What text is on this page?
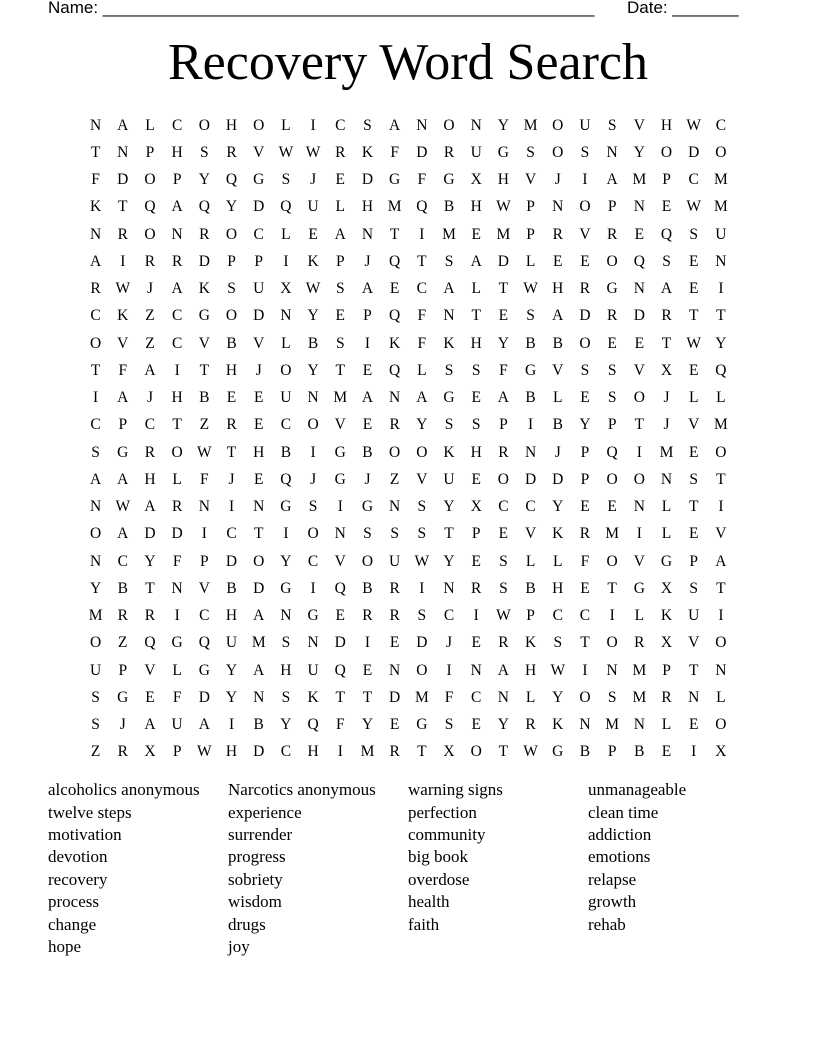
Name: ____________________________________________________ Date: _______
Recovery Word Search
N	A	L	C	O	H	O	L	I	C	S	A	N	O	N	Y M O	U	S	V	H W C
T	N	P	H	S	R	V W W R	K	F	D	R	U	G	S	O	S	N	Y	O	D	O
F	D	O	P	Y	Q	G	S	J	E	D	G	F	G	X	H	V	J	I	A M	P	C M
K	T	Q	A	Q	Y	D	Q	U	L	H M Q	B	H W	P	N	O	P	N	E W M
N	R	O	N	R	O	C	L	E	A	N	T	I	M	E	M	P	R	V	R	E	Q	S	U
A	I	R	R	D	P	P	I	K	P	J	Q	T	S	A	D	L	E	E	O	Q	S	E	N
R W	J	A	K	S	U	X W	S	A	E	C	A	L	T W H	R	G	N	A	E	I
C	K	Z	C	G	O	D	N	Y	E	P	Q	F	N	T	E	S	A	D	R	D	R	T	T
O	V	Z	C	V	B	V	L	B	S	I	K	F	K	H	Y	B	B	O	E	E	T W Y
T	F	A	I	T	H	J	O	Y	T	E	Q	L	S	S	F	G	V	S	S	V	X	E	Q
I	A	J	H	B	E	E	U	N M A	N	A	G	E	A	B	L	E	S	O	J	L	L
C	P	C	T	Z	R	E	C	O	V	E	R	Y	S	S	P	I	B	Y	P	T	J	V M
S	G	R	O W T	H	B	I	G	B	O	O	K	H	R	N	J	P	Q	I	M	E	O
A	A	H	L	F	J	E	Q	J	G	J	Z	V	U	E	O	D	D	P	O	O	N	S	T
N W A	R	N	I	N	G	S	I	G	N	S	Y	X	C	C	Y	E	E	N	L	T	I
O	A	D	D	I	C	T	I	O	N	S	S	S	T	P	E	V	K	R M	I	L	E	V
N	C	Y	F	P	D	O	Y	C	V	O	U W Y	E	S	L	L	F	O	V	G	P	A
Y	B	T	N	V	B	D	G	I	Q	B	R	I	N	R	S	B	H	E	T	G	X	S	T
M R	R	I	C	H	A	N	G	E	R	R	S	C	I	W	P	C	C	I	L	K	U	I
O	Z	Q	G	Q	U M	S	N	D	I	E	D	J	E	R	K	S	T	O	R	X	V	O
U	P	V	L	G	Y	A	H	U	Q	E	N	O	I	N	A	H W	I	N M	P	T	N
S	G	E	F	D	Y	N	S	K	T	T	D M	F	C	N	L	Y	O	S	M R	N	L
S	J	A	U	A	I	B	Y	Q	F	Y	E	G	S	E	Y	R	K	N M N	L	E	O
Z	R	X	P	W H	D	C	H	I	M R	T	X	O	T W G	B	P	B	E	I	X
alcoholics anonymous	Narcotics anonymous	warning signs	unmanageable
twelve steps	experience	perfection	clean time
motivation	surrender	community	addiction
devotion	progress	big book	emotions
recovery	sobriety	overdose	relapse
process	wisdom	health	growth
change	drugs	faith	rehab
hope	joy
